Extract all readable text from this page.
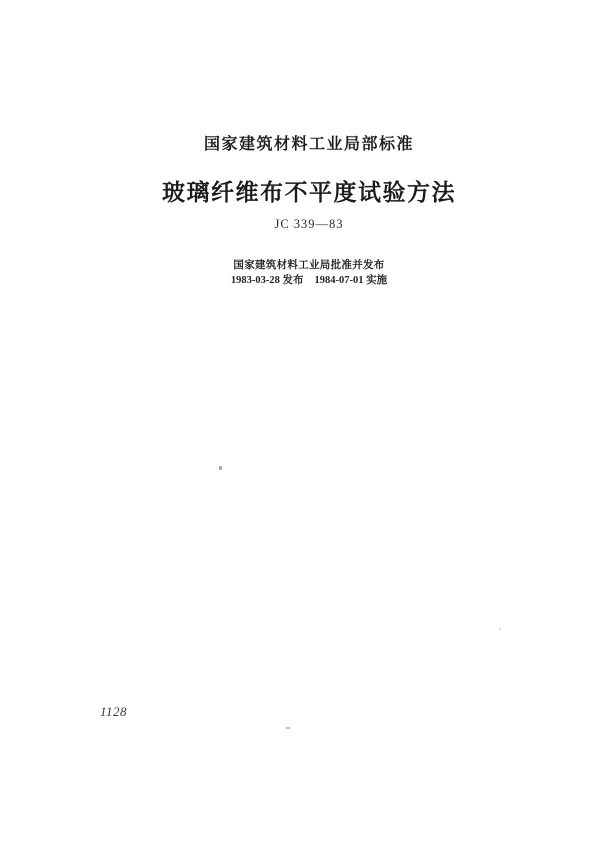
国家建筑材料工业局部标准
玻璃纤维布不平度试验方法
JC 339—83
国家建筑材料工业局批准并发布
1983-03-28 发布 1984-07-01 实施
1128
